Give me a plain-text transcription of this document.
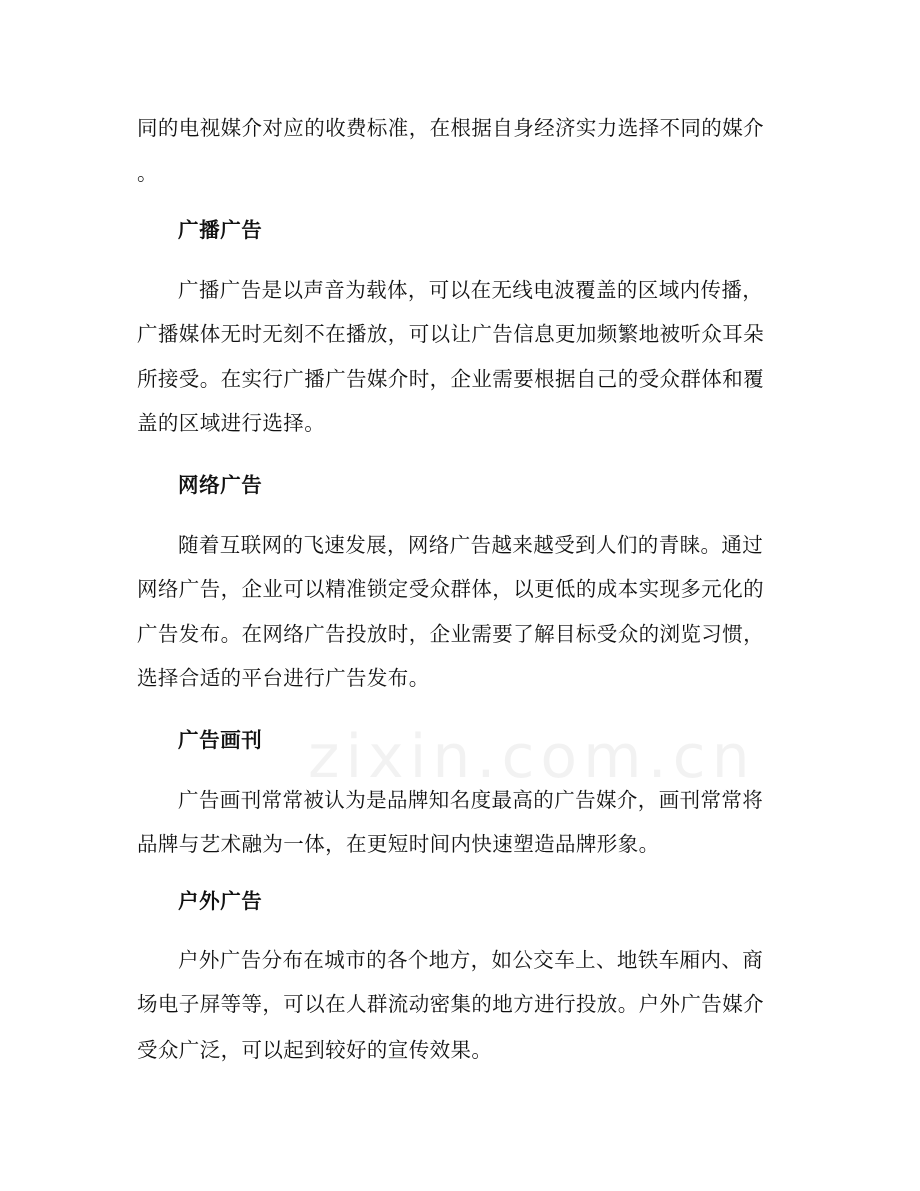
同的电视媒介对应的收费标准，在根据自身经济实力选择不同的媒介
。
广播广告
广播广告是以声音为载体，可以在无线电波覆盖的区域内传播，
广播媒体无时无刻不在播放，可以让广告信息更加频繁地被听众耳朵
所接受。在实行广播广告媒介时，企业需要根据自己的受众群体和覆
盖的区域进行选择。
网络广告
随着互联网的飞速发展，网络广告越来越受到人们的青睐。通过
网络广告，企业可以精准锁定受众群体，以更低的成本实现多元化的
广告发布。在网络广告投放时，企业需要了解目标受众的浏览习惯，
选择合适的平台进行广告发布。
广告画刊
广告画刊常常被认为是品牌知名度最高的广告媒介，画刊常常将
品牌与艺术融为一体，在更短时间内快速塑造品牌形象。
户外广告
户外广告分布在城市的各个地方，如公交车上、地铁车厢内、商
场电子屏等等，可以在人群流动密集的地方进行投放。户外广告媒介
受众广泛，可以起到较好的宣传效果。
zixin.com.cn
